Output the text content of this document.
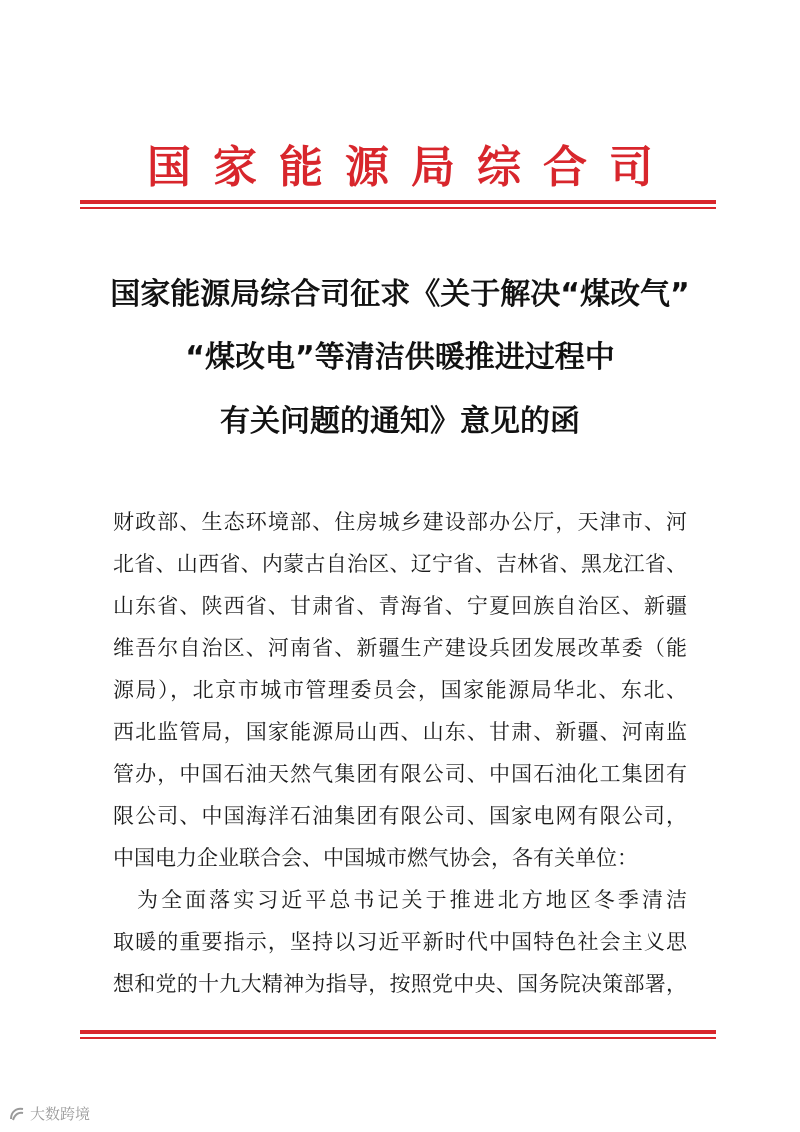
国家能源局综合司
国家能源局综合司征求《关于解决“煤改气”
“煤改电”等清洁供暖推进过程中
有关问题的通知》意见的函
财政部、生态环境部、住房城乡建设部办公厅，天津市、河
北省、山西省、内蒙古自治区、辽宁省、吉林省、黑龙江省、
山东省、陕西省、甘肃省、青海省、宁夏回族自治区、新疆
维吾尔自治区、河南省、新疆生产建设兵团发展改革委（能
源局），北京市城市管理委员会，国家能源局华北、东北、
西北监管局，国家能源局山西、山东、甘肃、新疆、河南监
管办，中国石油天然气集团有限公司、中国石油化工集团有
限公司、中国海洋石油集团有限公司、国家电网有限公司，
中国电力企业联合会、中国城市燃气协会，各有关单位：
　为全面落实习近平总书记关于推进北方地区冬季清洁
取暖的重要指示，坚持以习近平新时代中国特色社会主义思
想和党的十九大精神为指导，按照党中央、国务院决策部署，
大数跨境
